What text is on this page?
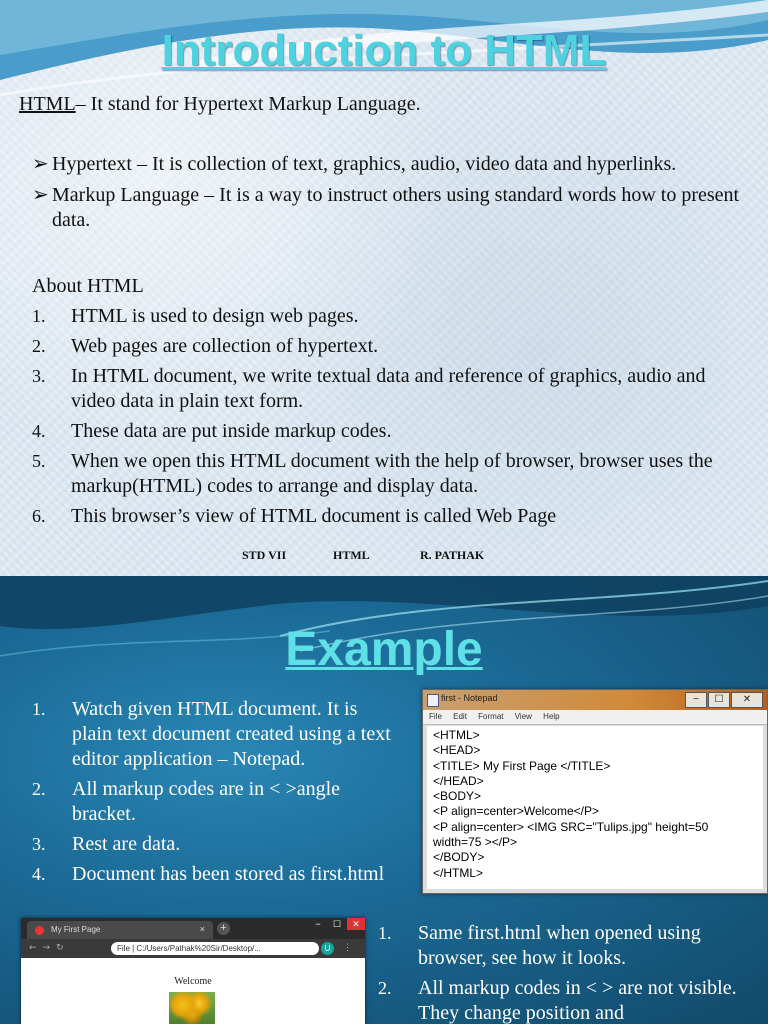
Introduction to HTML
HTML– It stand for Hypertext Markup Language.
➢ Hypertext – It is collection of text, graphics, audio, video data and hyperlinks.
➢ Markup Language – It is a way to instruct others using standard words how to present data.
About HTML
1. HTML is used to design web pages.
2. Web pages are collection of hypertext.
3. In HTML document, we write textual data and reference of graphics, audio and video data in plain text form.
4. These data are put inside markup codes.
5. When we open this HTML document with the help of browser, browser uses the markup(HTML) codes to arrange and display data.
6. This browser’s view of HTML document is called Web Page
STD VII	HTML	R. PATHAK
Example
1. Watch given HTML document. It is plain text document created using a text editor application – Notepad.
2. All markup codes are in < >angle bracket.
3. Rest are data.
4. Document has been stored as first.html
first - Notepad	−	☐	✕
File Edit Format View Help
<HTML>
<HEAD>
<TITLE> My First Page </TITLE>
</HEAD>
<BODY>
<P align=center>Welcome</P>
<P align=center> <IMG SRC="Tulips.jpg" height=50
width=75 ></P>
</BODY>
</HTML>
My First Page	× +	−	☐	✕
←→↻	File | C:/Users/Pathak%20Sir/Desktop/...	U	⋮
Welcome
1. Same first.html when opened using browser, see how it looks.
2. All markup codes in < > are not visible. They change position and
